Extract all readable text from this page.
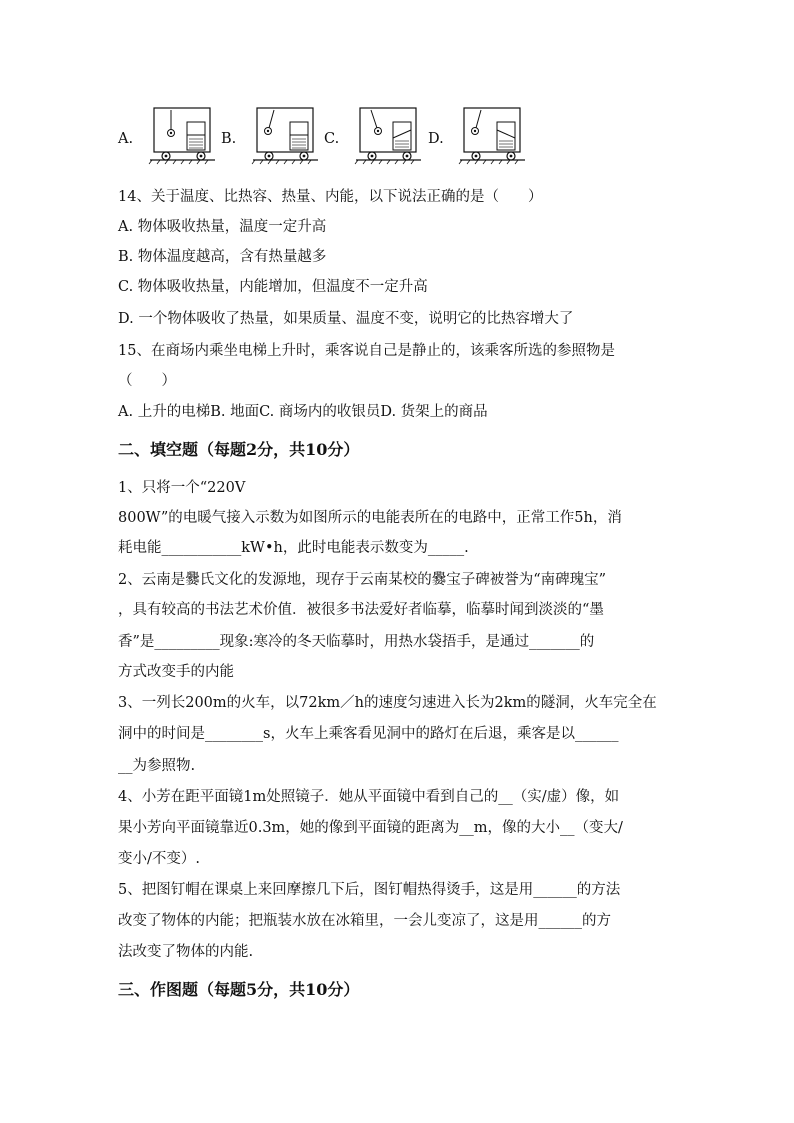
A.	B.	C.	D.
14、关于温度、比热容、热量、内能，以下说法正确的是（　　）
A. 物体吸收热量，温度一定升高
B. 物体温度越高，含有热量越多
C. 物体吸收热量，内能增加，但温度不一定升高
D. 一个物体吸收了热量，如果质量、温度不变，说明它的比热容增大了
15、在商场内乘坐电梯上升时，乘客说自己是静止的，该乘客所选的参照物是
（　　）
A. 上升的电梯B. 地面C. 商场内的收银员D. 货架上的商品
二、填空题（每题2分，共10分）
1、只将一个“220V
800W”的电暖气接入示数为如图所示的电能表所在的电路中，正常工作5h，消
耗电能___________kW•h，此时电能表示数变为_____.
2、云南是爨氏文化的发源地，现存于云南某校的爨宝子碑被誉为“南碑瑰宝”
，具有较高的书法艺术价值．被很多书法爱好者临摹，临摹时闻到淡淡的“墨
香”是_________现象:寒冷的冬天临摹时，用热水袋捂手，是通过_______的
方式改变手的内能
3、一列长200m的火车，以72km／h的速度匀速进入长为2km的隧洞，火车完全在
洞中的时间是________s，火车上乘客看见洞中的路灯在后退，乘客是以______
__为参照物.
4、小芳在距平面镜1m处照镜子．她从平面镜中看到自己的__（实/虚）像，如
果小芳向平面镜靠近0.3m，她的像到平面镜的距离为__m，像的大小__（变大/
变小/不变）.
5、把图钉帽在课桌上来回摩擦几下后，图钉帽热得烫手，这是用______的方法
改变了物体的内能；把瓶装水放在冰箱里，一会儿变凉了，这是用______的方
法改变了物体的内能.
三、作图题（每题5分，共10分）
